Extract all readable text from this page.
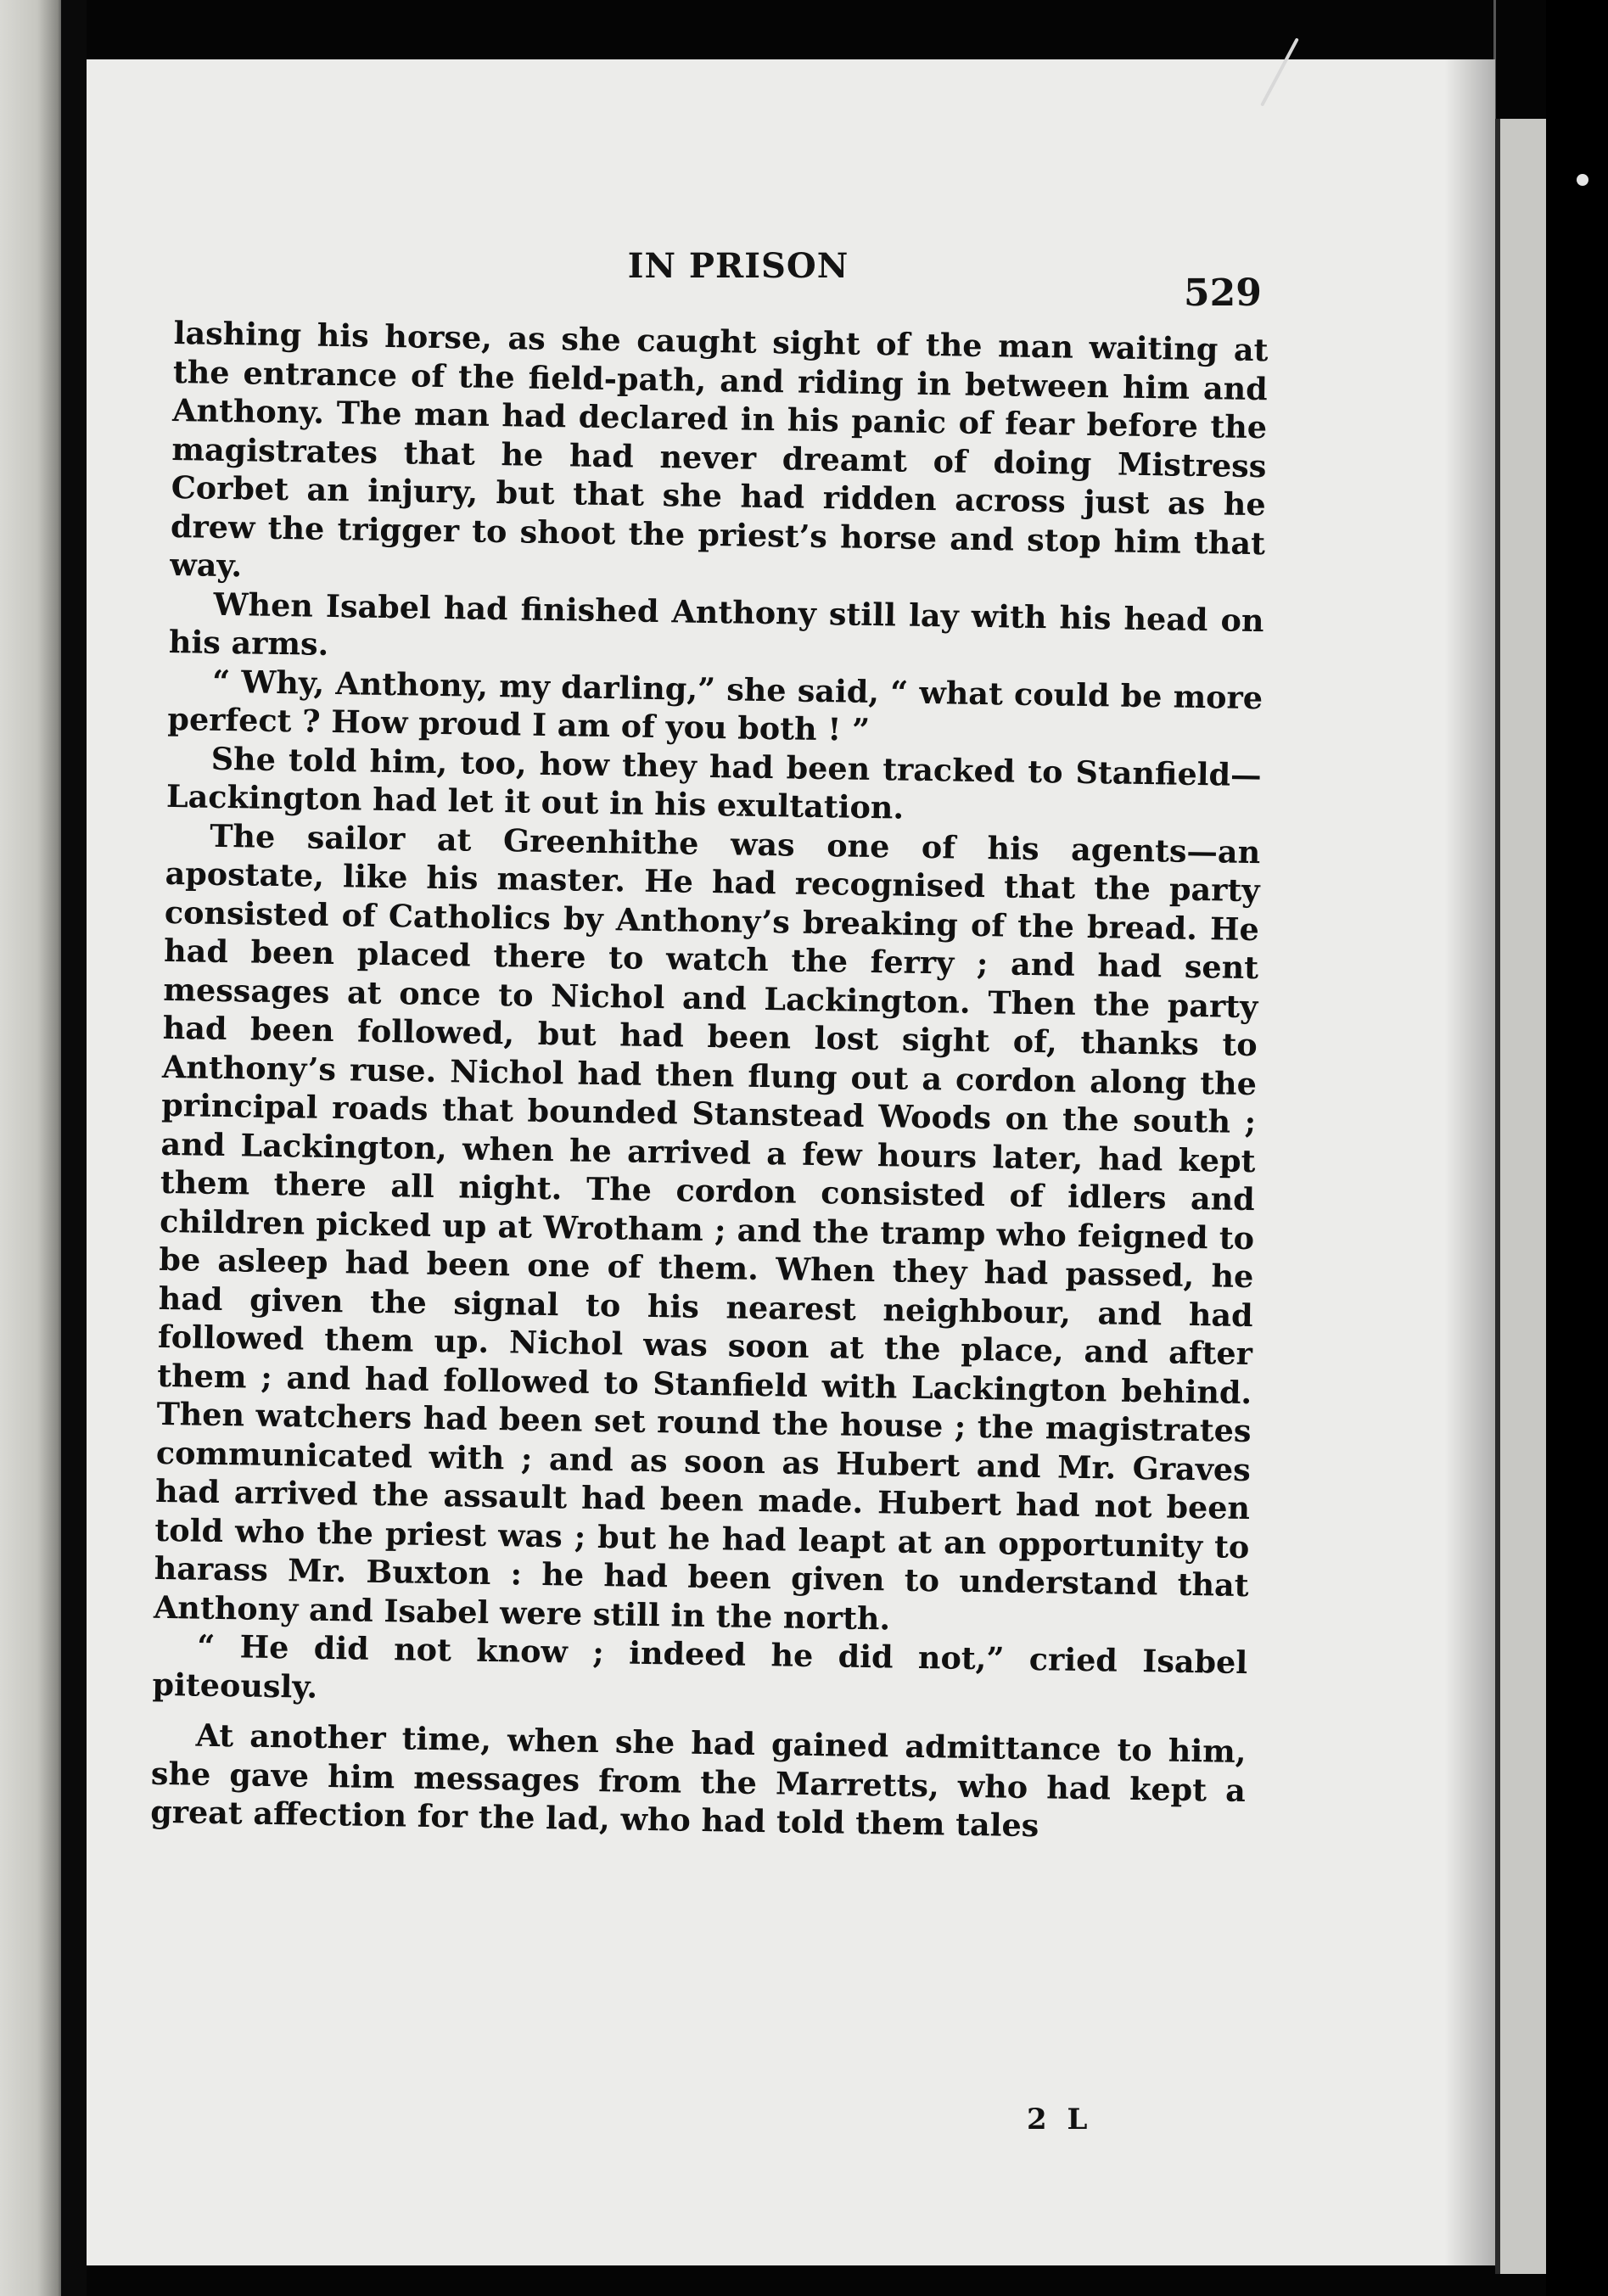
IN PRISON
529

lashing his horse, as she caught sight of the man waiting at the entrance of the field-path, and riding in between him and Anthony. The man had declared in his panic of fear before the magistrates that he had never dreamt of doing Mistress Corbet an injury, but that she had ridden across just as he drew the trigger to shoot the priest’s horse and stop him that way.

When Isabel had finished Anthony still lay with his head on his arms.

“ Why, Anthony, my darling,” she said, “ what could be more perfect ? How proud I am of you both ! ”

She told him, too, how they had been tracked to Stanfield—Lackington had let it out in his exultation.

The sailor at Greenhithe was one of his agents—an apostate, like his master. He had recognised that the party consisted of Catholics by Anthony’s breaking of the bread. He had been placed there to watch the ferry ; and had sent messages at once to Nichol and Lackington. Then the party had been followed, but had been lost sight of, thanks to Anthony’s ruse. Nichol had then flung out a cordon along the principal roads that bounded Stanstead Woods on the south ; and Lackington, when he arrived a few hours later, had kept them there all night. The cordon consisted of idlers and children picked up at Wrotham ; and the tramp who feigned to be asleep had been one of them. When they had passed, he had given the signal to his nearest neighbour, and had followed them up. Nichol was soon at the place, and after them ; and had followed to Stanfield with Lackington behind. Then watchers had been set round the house ; the magistrates communicated with ; and as soon as Hubert and Mr. Graves had arrived the assault had been made. Hubert had not been told who the priest was ; but he had leapt at an opportunity to harass Mr. Buxton : he had been given to understand that Anthony and Isabel were still in the north.

“ He did not know ; indeed he did not,” cried Isabel piteously.

At another time, when she had gained admittance to him, she gave him messages from the Marretts, who had kept a great affection for the lad, who had told them tales

2 L
